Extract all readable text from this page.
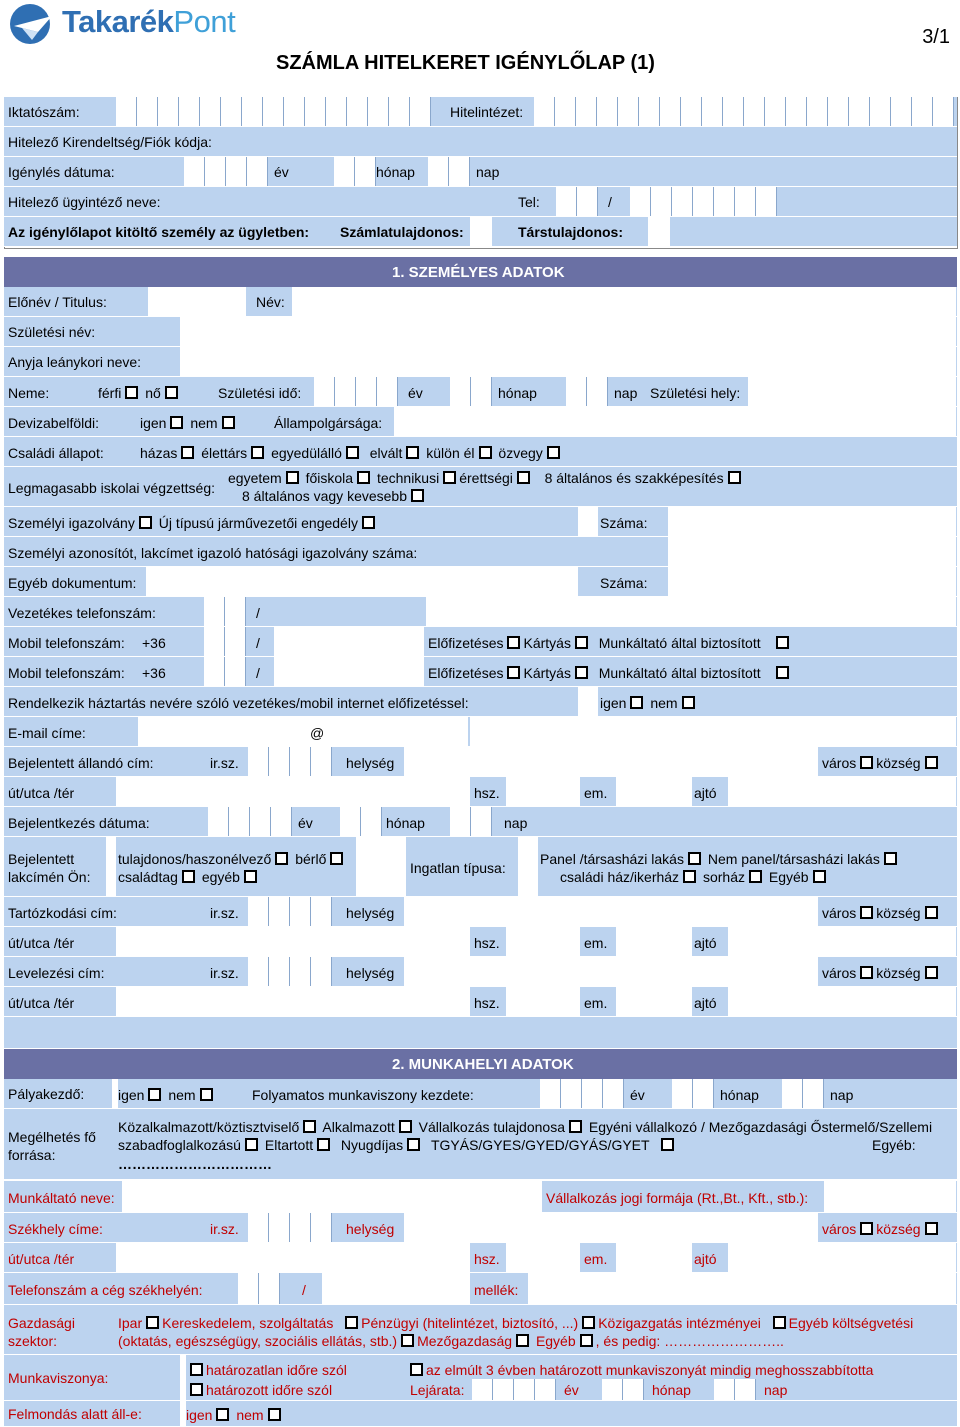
TakarékPont	3/1
SZÁMLA HITELKERET IGÉNYLŐLAP (1)
Iktatószám:	Hitelintézet:
Hitelező Kirendeltség/Fiók kódja:
Igénylés dátuma:	év	hónap	nap
Hitelező ügyintéző neve:	Tel:	/
Az igénylőlapot kitöltő személy az ügyletben: Számlatulajdonos:	Társtulajdonos:
1. SZEMÉLYES ADATOK
Előnév / Titulus:	Név:
Születési név:
Anyja leánykori neve:
Neme:	férfi nő	Születési idő:	év	hónap	nap Születési hely:
Devizabelföldi:	igen nem	Állampolgársága:
Családi állapot:	házas élettárs egyedülálló elvált külön él özvegy
Legmagasabb iskolai végzettség:
egyetem főiskola technikusi érettségi 8 általános és szakképesítés
8 általános vagy kevesebb
Személyi igazolvány Új típusú járművezetői engedély	Száma:
Személyi azonosítót, lakcímet igazoló hatósági igazolvány száma:
Egyéb dokumentum:	Száma:
Vezetékes telefonszám:	/
Mobil telefonszám: +36	/	Előfizetéses Kártyás Munkáltató által biztosított
Mobil telefonszám: +36	/	Előfizetéses Kártyás Munkáltató által biztosított
Rendelkezik háztartás nevére szóló vezetékes/mobil internet előfizetéssel:	igen nem
E-mail címe:	@
Bejelentett állandó cím:	ir.sz.	helység	város község
út/utca /tér	hsz.	em.	ajtó
Bejelentkezés dátuma:	év	hónap	nap
Bejelentett
lakcímén Ön:
tulajdonos/haszonélvező bérlő
családtag egyéb
Ingatlan típusa:
Panel /társasházi lakás Nem panel/társasházi lakás
családi ház/ikerház sorház Egyéb
Tartózkodási cím:	ir.sz.	helység	város község
út/utca /tér	hsz.	em.	ajtó
Levelezési cím:	ir.sz.	helység	város község
út/utca /tér	hsz.	em.	ajtó
2. MUNKAHELYI ADATOK
Pályakezdő: igen nem	Folyamatos munkaviszony kezdete:	év	hónap	nap
Megélhetés fő
forrása:
Közalkalmazott/köztisztviselő Alkalmazott Vállalkozás tulajdonosa Egyéni vállalkozó / Mezőgazdasági Őstermelő/Szellemi
szabadfoglalkozású Eltartott Nyugdíjas TGYÁS/GYES/GYED/GYÁS/GYET	Egyéb:
……………………………
Munkáltató neve:	Vállalkozás jogi formája (Rt.,Bt., Kft., stb.):
Székhely címe:	ir.sz.	helység	város község
út/utca /tér	hsz.	em.	ajtó
Telefonszám a cég székhelyén:	/	mellék:
Gazdasági
szektor:
Ipar Kereskedelem, szolgáltatás Pénzügyi (hitelintézet, biztosító, ...) Közigazgatás intézményei Egyéb költségvetési
(oktatás, egészségügy, szociális ellátás, stb.) Mezőgazdaság Egyéb , és pedig: ……………………..
Munkaviszonya:	határozatlan időre szól	az elmúlt 3 évben határozott munkaviszonyát mindig meghosszabbította
határozott időre szól	Lejárata:	év	hónap	nap
Felmondás alatt áll-e:	igen nem
